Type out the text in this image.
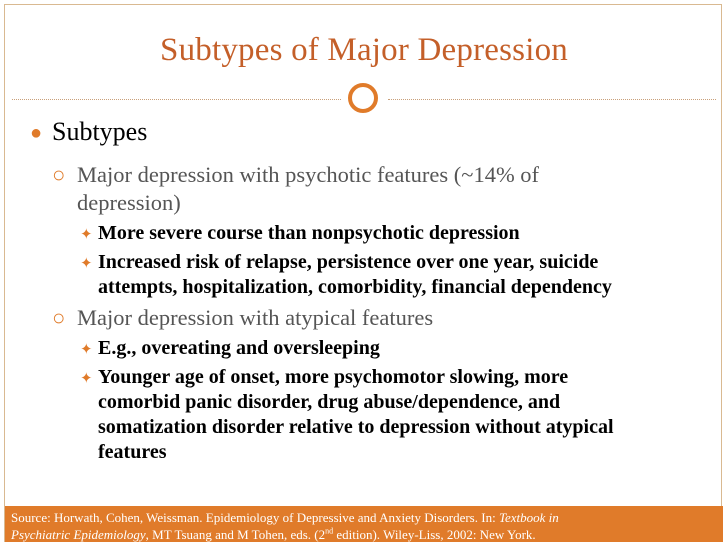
Subtypes of Major Depression
● Subtypes
○ Major depression with psychotic features (~14% of
depression)
✦ More severe course than nonpsychotic depression
✦ Increased risk of relapse, persistence over one year, suicide
attempts, hospitalization, comorbidity, financial dependency
○ Major depression with atypical features
✦ E.g., overeating and oversleeping
✦ Younger age of onset, more psychomotor slowing, more
comorbid panic disorder, drug abuse/dependence, and
somatization disorder relative to depression without atypical
features
Source: Horwath, Cohen, Weissman. Epidemiology of Depressive and Anxiety Disorders. In: Textbook in
Psychiatric Epidemiology, MT Tsuang and M Tohen, eds. (2nd edition). Wiley-Liss, 2002: New York.
